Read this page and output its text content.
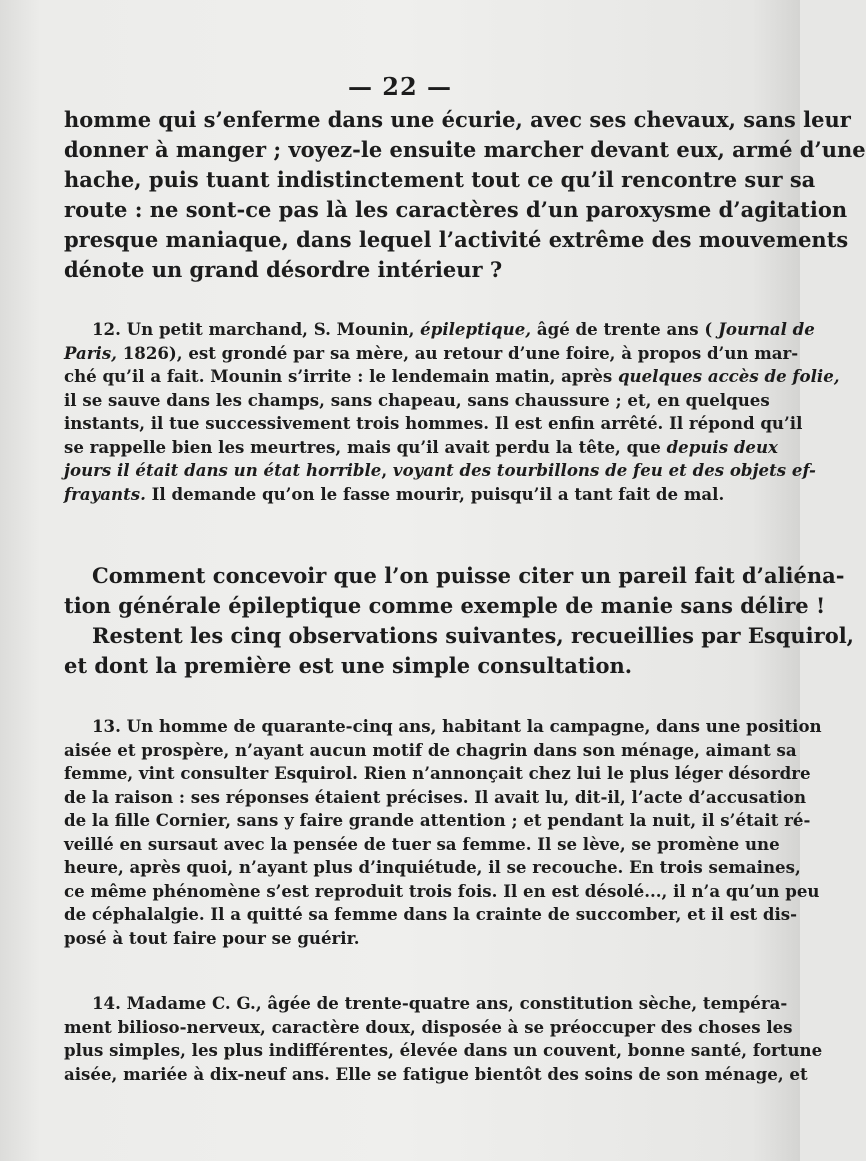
— 22 —

homme qui s’enferme dans une écurie, avec ses chevaux, sans leur
donner à manger ; voyez-le ensuite marcher devant eux, armé d’une
hache, puis tuant indistinctement tout ce qu’il rencontre sur sa
route : ne sont-ce pas là les caractères d’un paroxysme d’agitation
presque maniaque, dans lequel l’activité extrême des mouvements
dénote un grand désordre intérieur ?

12. Un petit marchand, S. Mounin, épileptique, âgé de trente ans ( Journal de
Paris, 1826), est grondé par sa mère, au retour d’une foire, à propos d’un mar-
ché qu’il a fait. Mounin s’irrite : le lendemain matin, après quelques accès de folie,
il se sauve dans les champs, sans chapeau, sans chaussure ; et, en quelques
instants, il tue successivement trois hommes. Il est enfin arrêté. Il répond qu’il
se rappelle bien les meurtres, mais qu’il avait perdu la tête, que depuis deux
jours il était dans un état horrible, voyant des tourbillons de feu et des objets ef-
frayants. Il demande qu’on le fasse mourir, puisqu’il a tant fait de mal.

Comment concevoir que l’on puisse citer un pareil fait d’aliéna-
tion générale épileptique comme exemple de manie sans délire !
Restent les cinq observations suivantes, recueillies par Esquirol,
et dont la première est une simple consultation.

13. Un homme de quarante-cinq ans, habitant la campagne, dans une position
aisée et prospère, n’ayant aucun motif de chagrin dans son ménage, aimant sa
femme, vint consulter Esquirol. Rien n’annonçait chez lui le plus léger désordre
de la raison : ses réponses étaient précises. Il avait lu, dit-il, l’acte d’accusation
de la fille Cornier, sans y faire grande attention ; et pendant la nuit, il s’était ré-
veillé en sursaut avec la pensée de tuer sa femme. Il se lève, se promène une
heure, après quoi, n’ayant plus d’inquiétude, il se recouche. En trois semaines,
ce même phénomène s’est reproduit trois fois. Il en est désolé..., il n’a qu’un peu
de céphalalgie. Il a quitté sa femme dans la crainte de succomber, et il est dis-
posé à tout faire pour se guérir.

14. Madame C. G., âgée de trente-quatre ans, constitution sèche, tempéra-
ment bilioso-nerveux, caractère doux, disposée à se préoccuper des choses les
plus simples, les plus indifférentes, élevée dans un couvent, bonne santé, fortune
aisée, mariée à dix-neuf ans. Elle se fatigue bientôt des soins de son ménage, et
